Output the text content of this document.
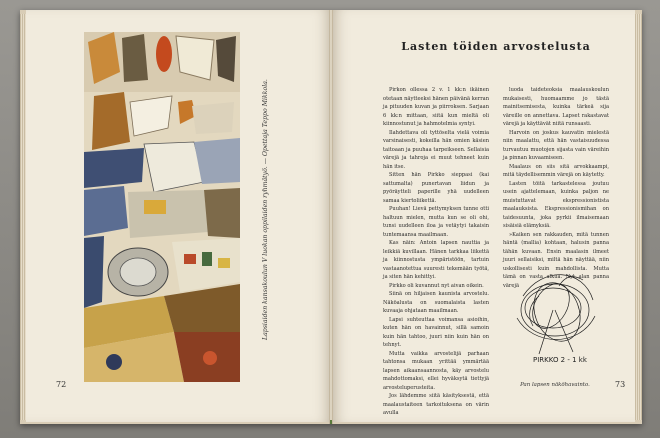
Lapsiaiden kansakoulun V luokan oppilaiden ryhmätyö. — Opettaja Teppo Mikkola.
72
Lasten töiden arvostelusta

Pirkon ollessa 2 v. 1 kk:n ikäinen otetaan näytteeksi hänen päivänä kerran ja pituuden kuvan ja piirroksen. Sarjaan 6 kk:n mittaan, siitä kun mieltä oli kiinnostunut ja hahmotelmia syntyi.

Ilahdettava oli tyttöselta vielä voimia varsinaisesti, kokeilla hän omien käsien taitoaan ja puuhaa tarpeikseen. Sellaisia värejä ja tahroja ei muut tehneet kuin hän itse.

Sitten hän Pirkko sieppasi (kai sattumalta) punertavan liidun ja pyöräytteli paperille yhä uudelleen samaa kiertoliikettä.

Puuhan! Lievä pettymyksen tunne otti haltuun mielen, mutta kun se oli ohi, tunsi uudelleen iloa ja vetäytyi takaisin tuntemaansa maailmaan.

Kas näin: Antoin lapsen nauttia ja leikkiä kuvillaan. Hänen tarkkaa liikettä ja kiinnostusta ympäristöön, tartuin vastaanotettua suuresti tekemään työtä, ja siten hän kehittyi.

Pirkko oli kuvannut nyt aivan oikein.

Siinä on hiljaisen kaunista arvostelu. Näköalusta on suomalaista lasten kuvaaja ohjataan maailmaan.

Lapsi suhteuttaa voimansa asioihin, kuten hän on havainnut, sillä samoin kuin hän tahtoo, juuri niin kuin hän on tehnyt.

Mutta vaikka arvostelijä parhaan tahtonsa mukaan yrittää ymmärtää lapsen aikaansaannosta, käy arvostelu mahdottomaksi, ellei hyväksytä tiettyjä arvosteluperusteita.

Jos lähdemme siitä käsityksestä, että maalaustaiteen tarkoituksena on värin avulla

luoda taideteoksia maalauskoulun mukaisesti, huomaamme jo tästä mainitsemisesta, kuinka tärkeä sija väreille on annettava. Lapset rakastavat värejä ja käyttävät niitä runsaasti.

Harvoin on joskus kauvatin mielestä niin maalattu, että hän vastaisuudessa turvautuu muotojen sijasta vain väreihin ja pinnan kuvaamiseen.

Maalaus on siis sitä arvokkaampi, mitä täydellisemmin värejä on käytetty.

Lasten töitä tarkastelessa joutuu usein ajattelemaan, kuinka paljon ne muistuttavat ekspressionistista maalauksista. Ekspressionismihan on taidesuunta, joka pyrkii ilmaisemaan sisäisiä elämyksiä.

»Kaiken sen rakkauden, mitä tunnen häntä (mallia) kohtaan, halusin panna tähän kuvaan. Ensin maalasin ilmeet juuri sellaisiksi, miltä hän näyttää, niin uskollisesti kuin mahdollista. Mutta tämä on vasta alkua. Nyt alan panna värejä

PIRKKO 2 - 1 kk
Pan lapsen näköhavainto.	73
